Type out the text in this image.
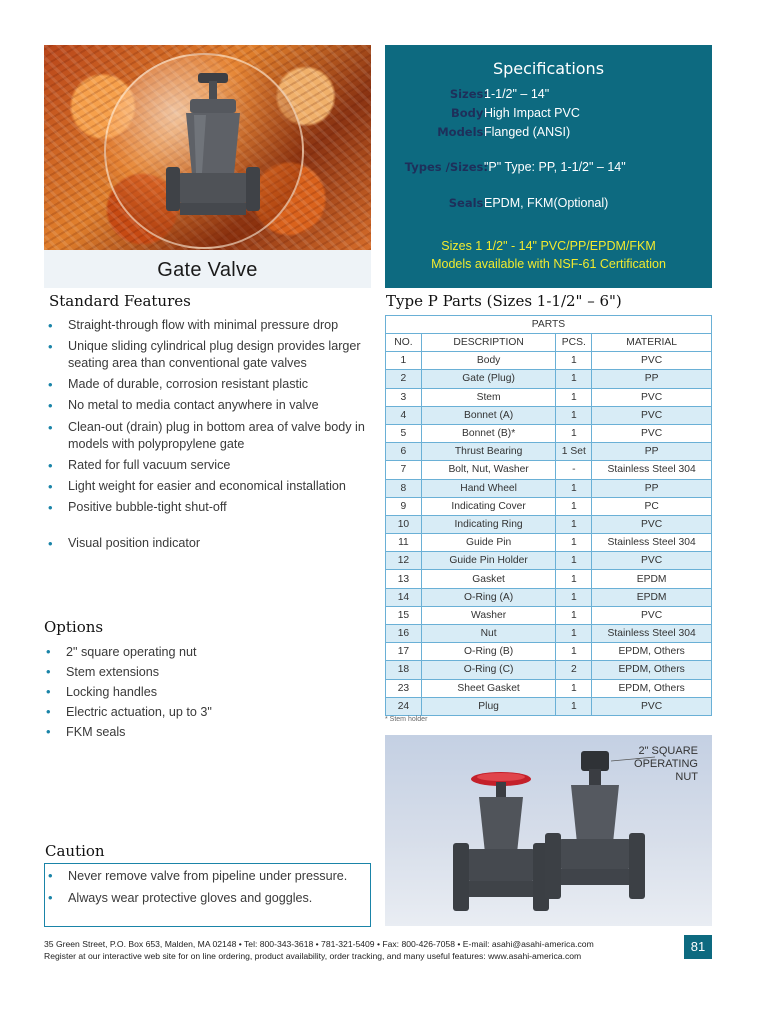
Gate Valve
Specifications
Sizes:
1-1/2" – 14"
Body:
High Impact PVC
Models:
Flanged (ANSI)
Types /Sizes:
"P" Type: PP, 1-1/2" – 14"
Seals:
EPDM, FKM(Optional)
Sizes 1 1/2" - 14" PVC/PP/EPDM/FKM
Models available with NSF-61 Certification
Standard Features
• Straight-through flow with minimal pressure drop
• Unique sliding cylindrical plug design provides larger seating area than conventional gate valves
• Made of durable, corrosion resistant plastic
• No metal to media contact anywhere in valve
• Clean-out (drain) plug in bottom area of valve body in models with polypropylene gate
• Rated for full vacuum service
• Light weight for easier and economical installation
• Positive bubble-tight shut-off
• Visual position indicator
Options
• 2" square operating nut
• Stem extensions
• Locking handles
• Electric actuation, up to 3"
• FKM seals
Caution
• Never remove valve from pipeline under pressure.
• Always wear protective gloves and goggles.
Type P Parts (Sizes 1-1/2" – 6")
PARTS			
NO.	DESCRIPTION	PCS.	MATERIAL
1	Body	1	PVC
2	Gate (Plug)	1	PP
3	Stem	1	PVC
4	Bonnet (A)	1	PVC
5	Bonnet (B)*	1	PVC
6	Thrust Bearing	1 Set	PP
7	Bolt, Nut, Washer	-	Stainless Steel 304
8	Hand Wheel	1	PP
9	Indicating Cover	1	PC
10	Indicating Ring	1	PVC
11	Guide Pin	1	Stainless Steel 304
12	Guide Pin Holder	1	PVC
13	Gasket	1	EPDM
14	O-Ring (A)	1	EPDM
15	Washer	1	PVC
16	Nut	1	Stainless Steel 304
17	O-Ring (B)	1	EPDM, Others
18	O-Ring (C)	2	EPDM, Others
23	Sheet Gasket	1	EPDM, Others
24	Plug	1	PVC
* Stem holder
2" SQUARE
OPERATING
NUT
35 Green Street, P.O. Box 653, Malden, MA 02148 • Tel: 800-343-3618 • 781-321-5409 • Fax: 800-426-7058 • E-mail: asahi@asahi-america.com
Register at our interactive web site for on line ordering, product availability, order tracking, and many useful features: www.asahi-america.com
81
